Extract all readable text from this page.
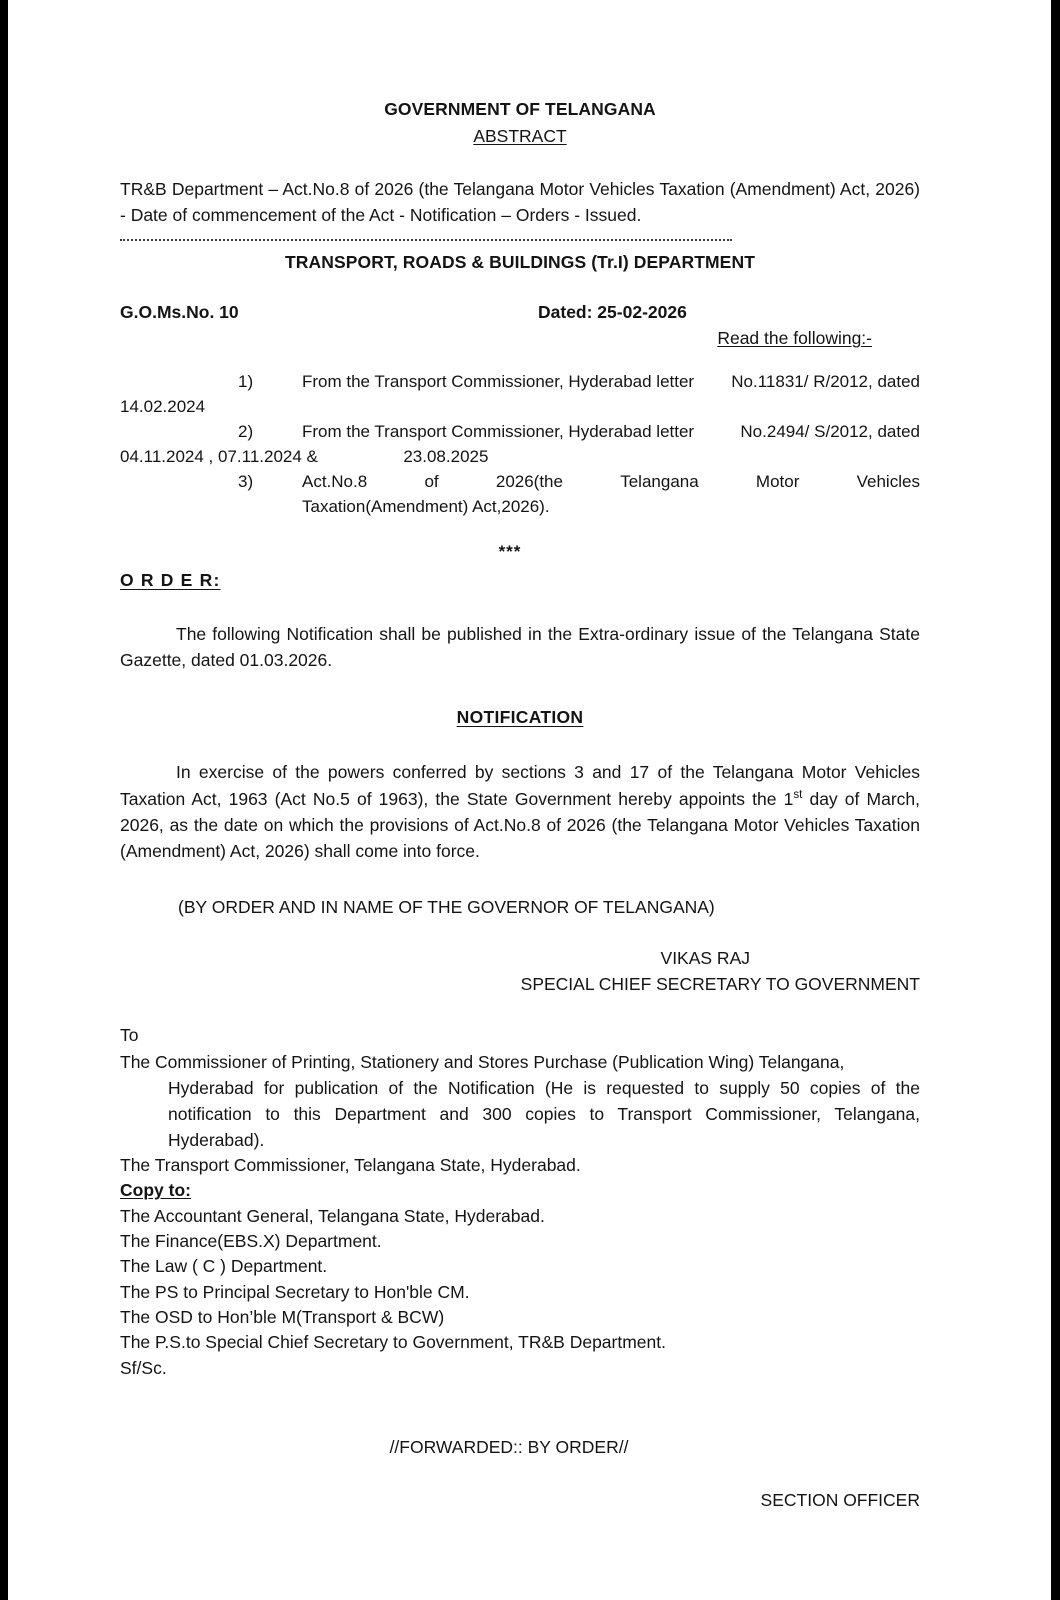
GOVERNMENT OF TELANGANA
ABSTRACT
TR&B Department – Act.No.8 of 2026 (the Telangana Motor Vehicles Taxation (Amendment) Act, 2026) - Date of commencement of the Act - Notification – Orders - Issued.
TRANSPORT, ROADS & BUILDINGS (Tr.I) DEPARTMENT
G.O.Ms.No. 10	Dated: 25-02-2026
Read the following:-
1)	From the Transport Commissioner, Hyderabad letter No.11831/ R/2012, dated
14.02.2024
2)	From the Transport Commissioner, Hyderabad letter	No.2494/ S/2012, dated
04.11.2024 , 07.11.2024 &	23.08.2025
3)	Act.No.8	of	2026(the	Telangana	Motor	Vehicles
Taxation(Amendment) Act,2026).
***
O R D E R:
The following Notification shall be published in the Extra-ordinary issue of the Telangana State Gazette, dated 01.03.2026.
NOTIFICATION
In exercise of the powers conferred by sections 3 and 17 of the Telangana Motor Vehicles Taxation Act, 1963 (Act No.5 of 1963), the State Government hereby appoints the 1st day of March, 2026, as the date on which the provisions of Act.No.8 of 2026 (the Telangana Motor Vehicles Taxation (Amendment) Act, 2026) shall come into force.
(BY ORDER AND IN NAME OF THE GOVERNOR OF TELANGANA)
VIKAS RAJ
SPECIAL CHIEF SECRETARY TO GOVERNMENT
To
The Commissioner of Printing, Stationery and Stores Purchase (Publication Wing) Telangana,
Hyderabad for publication of the Notification (He is requested to supply 50 copies of the notification to this Department and 300 copies to Transport Commissioner, Telangana, Hyderabad).
The Transport Commissioner, Telangana State, Hyderabad.
Copy to:
The Accountant General, Telangana State, Hyderabad.
The Finance(EBS.X) Department.
The Law ( C ) Department.
The PS to Principal Secretary to Hon'ble CM.
The OSD to Hon’ble M(Transport & BCW)
The P.S.to Special Chief Secretary to Government, TR&B Department.
Sf/Sc.
//FORWARDED:: BY ORDER//
SECTION OFFICER
